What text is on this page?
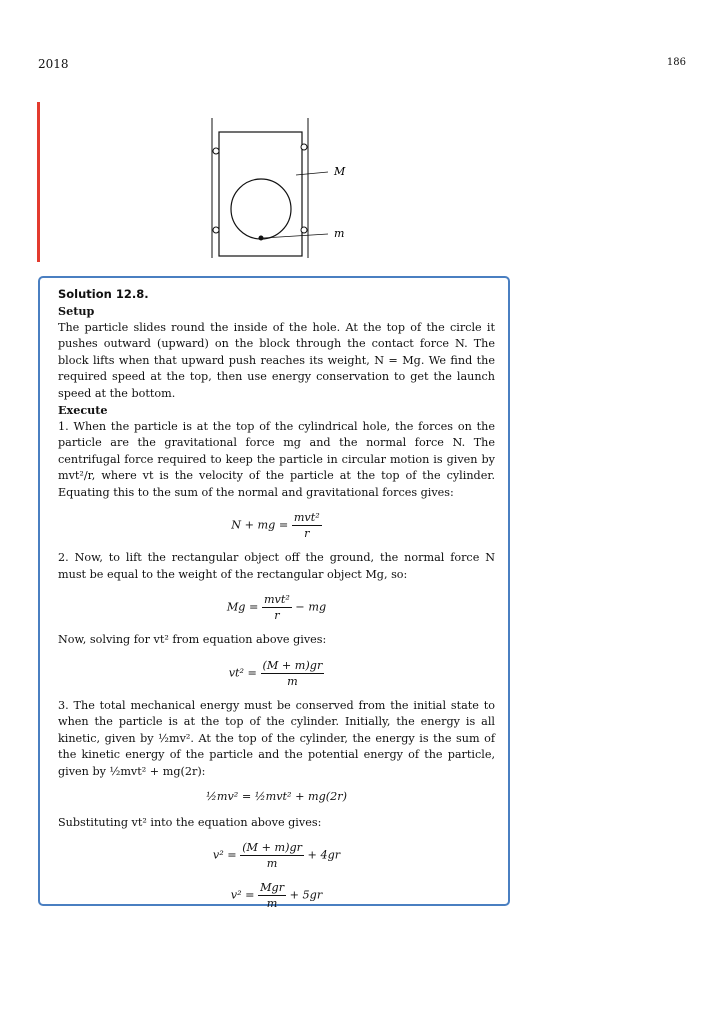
2018	186
M
m
Solution 12.8.
Setup

The particle slides round the inside of the hole. At the top of the circle it pushes outward (upward) on the block through the contact force N. The block lifts when that upward push reaches its weight, N = Mg. We find the required speed at the top, then use energy conservation to get the launch speed at the bottom.

Execute

1. When the particle is at the top of the cylindrical hole, the forces on the particle are the gravitational force mg and the normal force N. The centrifugal force required to keep the particle in circular motion is given by mvt²/r, where vt is the velocity of the particle at the top of the cylinder. Equating this to the sum of the normal and gravitational forces gives:

N + mg = $\frac{\text{mvt²}}{r}$

2. Now, to lift the rectangular object off the ground, the normal force N must be equal to the weight of the rectangular object Mg, so:

$Mg = \frac{\text{mvt²}}{r}$ − mg

Now, solving for vt² from equation above gives:

$vt^2 = \frac{(M + m)gr}{m}$

3. The total mechanical energy must be conserved from the initial state to when the particle is at the top of the cylinder. Initially, the energy is all kinetic, given by ½mv². At the top of the cylinder, the energy is the sum of the kinetic energy of the particle and the potential energy of the particle, given by ½mvt² + mg(2r):

½mv² = ½mvt² + mg(2r)

Substituting vt² into the equation above gives:

$v^2 = \frac{(M + m)gr}{m} + 4gr$
$v^2 = \frac{\text{Mgr}}{m} + 5gr$
